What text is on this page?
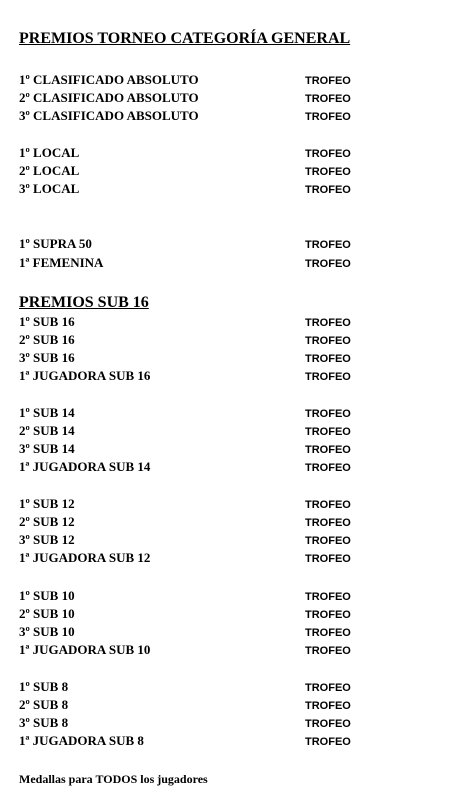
PREMIOS TORNEO CATEGORÍA GENERAL
PREMIOS SUB 16
1º CLASIFICADO ABSOLUTO	TROFEO
2º CLASIFICADO ABSOLUTO	TROFEO
3º CLASIFICADO ABSOLUTO	TROFEO
1º LOCAL	TROFEO
2º LOCAL	TROFEO
3º LOCAL	TROFEO
1º SUPRA 50	TROFEO
1ª FEMENINA	TROFEO
1º SUB 16	TROFEO
2º SUB 16	TROFEO
3º SUB 16	TROFEO
1ª JUGADORA SUB 16	TROFEO
1º SUB 14	TROFEO
2º SUB 14	TROFEO
3º SUB 14	TROFEO
1ª JUGADORA SUB 14	TROFEO
1º SUB 12	TROFEO
2º SUB 12	TROFEO
3º SUB 12	TROFEO
1ª JUGADORA SUB 12	TROFEO
1º SUB 10	TROFEO
2º SUB 10	TROFEO
3º SUB 10	TROFEO
1ª JUGADORA SUB 10	TROFEO
1º SUB 8	TROFEO
2º SUB 8	TROFEO
3º SUB 8	TROFEO
1ª JUGADORA SUB 8	TROFEO
Medallas para TODOS los jugadores
